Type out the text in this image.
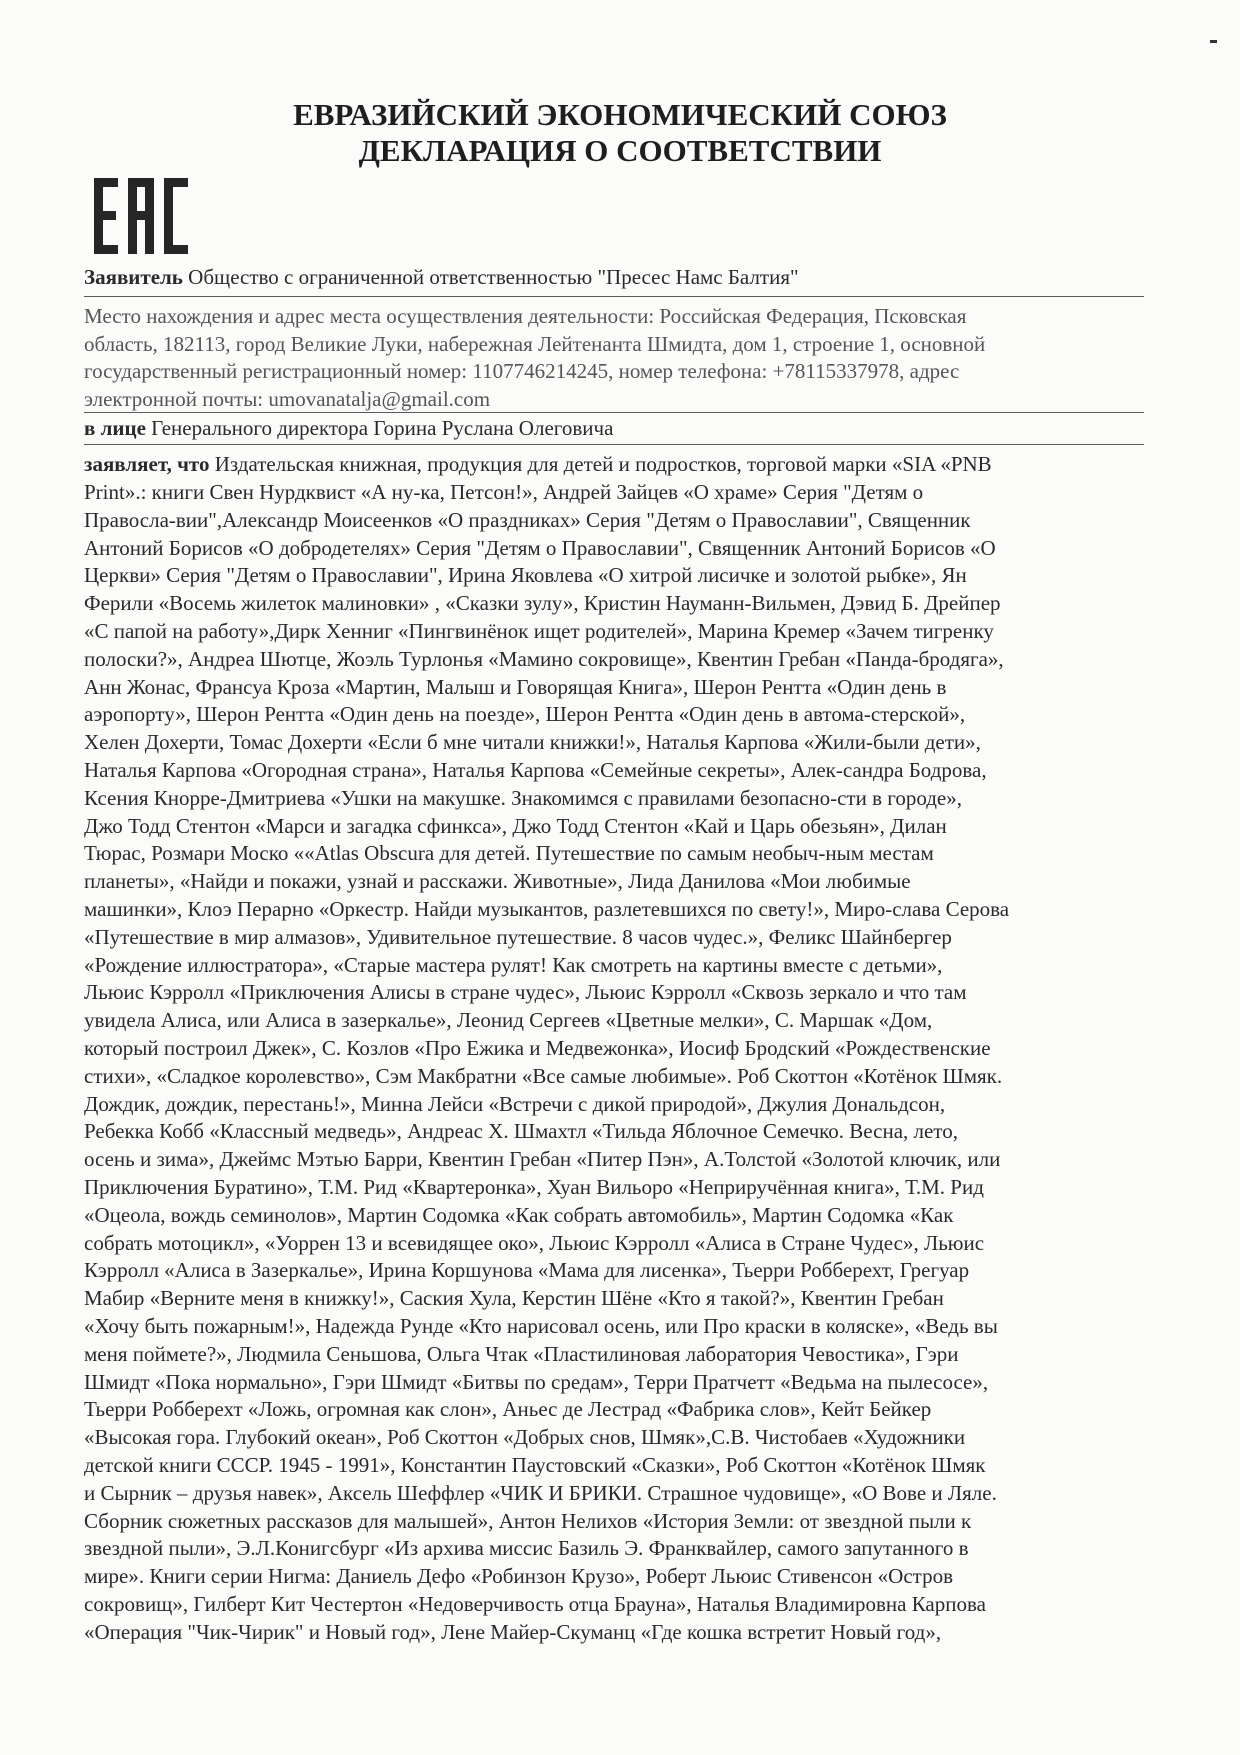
ЕВРАЗИЙСКИЙ ЭКОНОМИЧЕСКИЙ СОЮЗ
ДЕКЛАРАЦИЯ О СООТВЕТСТВИИ
Заявитель Общество с ограниченной ответственностью "Пресес Намс Балтия"
Место нахождения и адрес места осуществления деятельности: Российская Федерация, Псковская
область, 182113, город Великие Луки, набережная Лейтенанта Шмидта, дом 1, строение 1, основной
государственный регистрационный номер: 1107746214245, номер телефона: +78115337978, адрес
электронной почты: umovanatalja@gmail.com
в лице Генерального директора Горина Руслана Олеговича
заявляет, что Издательская книжная, продукция для детей и подростков, торговой марки «SIA «PNB
Print».: книги Свен Нурдквист «А ну-ка, Петсон!», Андрей Зайцев «О храме» Серия "Детям о
Правосла-вии",Александр Моисеенков «О праздниках» Серия "Детям о Православии", Священник
Антоний Борисов «О добродетелях» Серия "Детям о Православии", Священник Антоний Борисов «О
Церкви» Серия "Детям о Православии", Ирина Яковлева «О хитрой лисичке и золотой рыбке», Ян
Ферили «Восемь жилеток малиновки» , «Сказки зулу», Кристин Науманн-Вильмен, Дэвид Б. Дрейпер
«С папой на работу»,Дирк Хенниг «Пингвинёнок ищет родителей», Марина Кремер «Зачем тигренку
полоски?», Андреа Шютце, Жоэль Турлонья «Мамино сокровище», Квентин Гребан «Панда-бродяга»,
Анн Жонас, Франсуа Кроза «Мартин, Малыш и Говорящая Книга», Шерон Рентта «Один день в
аэропорту», Шерон Рентта «Один день на поезде», Шерон Рентта «Один день в автома-стерской»,
Хелен Дохерти, Томас Дохерти «Если б мне читали книжки!», Наталья Карпова «Жили-были дети»,
Наталья Карпова «Огородная страна», Наталья Карпова «Семейные секреты», Алек-сандра Бодрова,
Ксения Кнорре-Дмитриева «Ушки на макушке. Знакомимся с правилами безопасно-сти в городе»,
Джо Тодд Стентон «Марси и загадка сфинкса», Джо Тодд Стентон «Кай и Царь обезьян», Дилан
Тюрас, Розмари Моско ««Atlas Obscura для детей. Путешествие по самым необыч-ным местам
планеты», «Найди и покажи, узнай и расскажи. Животные», Лида Данилова «Мои любимые
машинки», Клоэ Перарно «Оркестр. Найди музыкантов, разлетевшихся по свету!», Миро-слава Серова
«Путешествие в мир алмазов», Удивительное путешествие. 8 часов чудес.», Феликс Шайнбергер
«Рождение иллюстратора», «Старые мастера рулят! Как смотреть на картины вместе с детьми»,
Льюис Кэрролл «Приключения Алисы в стране чудес», Льюис Кэрролл «Сквозь зеркало и что там
увидела Алиса, или Алиса в зазеркалье», Леонид Сергеев «Цветные мелки», С. Маршак «Дом,
который построил Джек», С. Козлов «Про Ежика и Медвежонка», Иосиф Бродский «Рождественские
стихи», «Сладкое королевство», Сэм Макбратни «Все самые любимые». Роб Скоттон «Котёнок Шмяк.
Дождик, дождик, перестань!», Минна Лейси «Встречи с дикой природой», Джулия Дональдсон,
Ребекка Кобб «Классный медведь», Андреас Х. Шмахтл «Тильда Яблочное Семечко. Весна, лето,
осень и зима», Джеймс Мэтью Барри, Квентин Гребан «Питер Пэн», А.Толстой «Золотой ключик, или
Приключения Буратино», Т.М. Рид «Квартеронка», Хуан Вильоро «Неприручённая книга», Т.М. Рид
«Оцеола, вождь семинолов», Мартин Содомка «Как собрать автомобиль», Мартин Содомка «Как
собрать мотоцикл», «Уоррен 13 и всевидящее око», Льюис Кэрролл «Алиса в Стране Чудес», Льюис
Кэрролл «Алиса в Зазеркалье», Ирина Коршунова «Мама для лисенка», Тьерри Робберехт, Грегуар
Мабир «Верните меня в книжку!», Саския Хула, Керстин Шёне «Кто я такой?», Квентин Гребан
«Хочу быть пожарным!», Надежда Рунде «Кто нарисовал осень, или Про краски в коляске», «Ведь вы
меня поймете?», Людмила Сеньшова, Ольга Чтак «Пластилиновая лаборатория Чевостика», Гэри
Шмидт «Пока нормально», Гэри Шмидт «Битвы по средам», Терри Пратчетт «Ведьма на пылесосе»,
Тьерри Робберехт «Ложь, огромная как слон», Аньес де Лестрад «Фабрика слов», Кейт Бейкер
«Высокая гора. Глубокий океан», Роб Скоттон «Добрых снов, Шмяк»,С.В. Чистобаев «Художники
детской книги СССР. 1945 - 1991», Константин Паустовский «Сказки», Роб Скоттон «Котёнок Шмяк
и Сырник – друзья навек», Аксель Шеффлер «ЧИК И БРИКИ. Страшное чудовище», «О Вове и Ляле.
Сборник сюжетных рассказов для малышей», Антон Нелихов «История Земли: от звездной пыли к
звездной пыли», Э.Л.Конигсбург «Из архива миссис Базиль Э. Франквайлер, самого запутанного в
мире». Книги серии Нигма: Даниель Дефо «Робинзон Крузо», Роберт Льюис Стивенсон «Остров
сокровищ», Гилберт Кит Честертон «Недоверчивость отца Брауна», Наталья Владимировна Карпова
«Операция "Чик-Чирик" и Новый год», Лене Майер-Скуманц «Где кошка встретит Новый год»,
